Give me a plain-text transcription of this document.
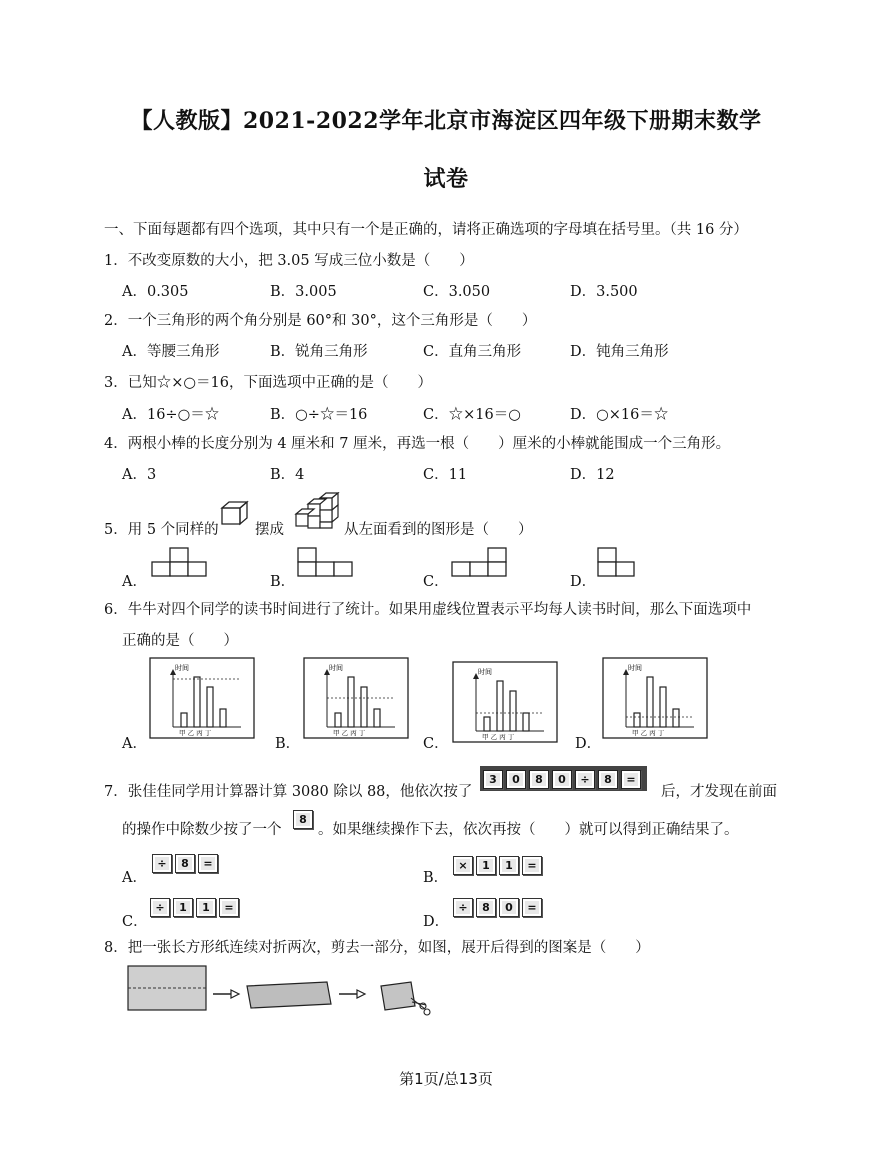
【人教版】2021-2022学年北京市海淀区四年级下册期末数学
试卷
一、下面每题都有四个选项，其中只有一个是正确的，请将正确选项的字母填在括号里。（共 16 分）
1．不改变原数的大小，把 3.05 写成三位小数是（　　）
A．0.305	B．3.005	C．3.050	D．3.500
2．一个三角形的两个角分别是 60°和 30°，这个三角形是（　　）
A．等腰三角形	B．锐角三角形	C．直角三角形	D．钝角三角形
3．已知☆×○＝16，下面选项中正确的是（　　）
A．16÷○＝☆	B．○÷☆＝16	C．☆×16＝○	D．○×16＝☆
4．两根小棒的长度分别为 4 厘米和 7 厘米，再选一根（　　）厘米的小棒就能围成一个三角形。
A．3	B．4	C．11	D．12
5．用 5 个同样的	摆成	从左面看到的图形是（　　）
A．	B．	C．	D．
6．牛牛对四个同学的读书时间进行了统计。如果用虚线位置表示平均每人读书时间，那么下面选项中
正确的是（　　）
A．	B．	C．	D．
时间
甲 乙 丙 丁
时间
甲 乙 丙 丁
时间
甲 乙 丙 丁
时间
甲 乙 丙 丁
7．张佳佳同学用计算器计算 3080 除以 88，他依次按了
3 0 8 0 ÷ 8 =
后，才发现在前面
的操作中除数少按了一个
8
。如果继续操作下去，依次再按（　　）就可以得到正确结果了。
A．
÷ 8 =
B．
× 1 1 =
C．
÷ 1 1 =
D．
÷ 8 0 =
8．把一张长方形纸连续对折两次，剪去一部分，如图，展开后得到的图案是（　　）
第1页/总13页
